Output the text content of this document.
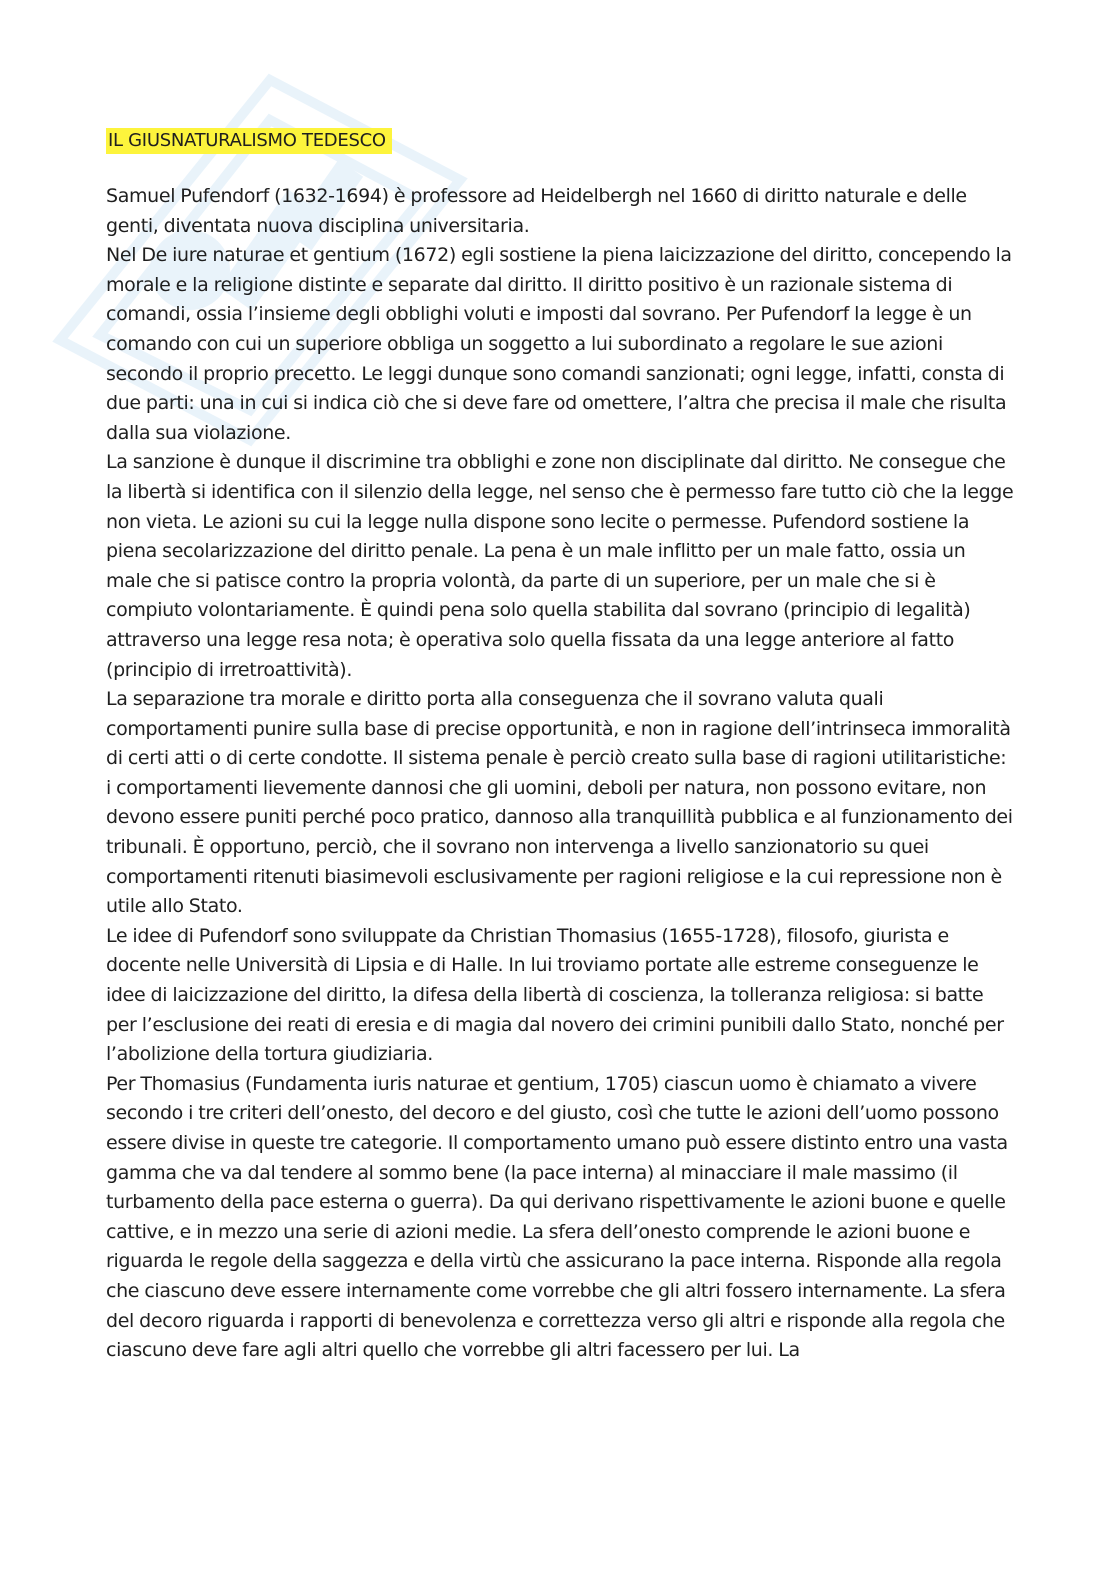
IL GIUSNATURALISMO TEDESCO

Samuel Pufendorf (1632-1694) è professore ad Heidelbergh nel 1660 di diritto naturale e delle genti, diventata nuova disciplina universitaria.

Nel De iure naturae et gentium (1672) egli sostiene la piena laicizzazione del diritto, concependo la morale e la religione distinte e separate dal diritto. Il diritto positivo è un razionale sistema di comandi, ossia l’insieme degli obblighi voluti e imposti dal sovrano. Per Pufendorf la legge è un comando con cui un superiore obbliga un soggetto a lui subordinato a regolare le sue azioni secondo il proprio precetto. Le leggi dunque sono comandi sanzionati; ogni legge, infatti, consta di due parti: una in cui si indica ciò che si deve fare od omettere, l’altra che precisa il male che risulta dalla sua violazione.

La sanzione è dunque il discrimine tra obblighi e zone non disciplinate dal diritto. Ne consegue che la libertà si identifica con il silenzio della legge, nel senso che è permesso fare tutto ciò che la legge non vieta. Le azioni su cui la legge nulla dispone sono lecite o permesse. Pufendord sostiene la piena secolarizzazione del diritto penale. La pena è un male inflitto per un male fatto, ossia un male che si patisce contro la propria volontà, da parte di un superiore, per un male che si è compiuto volontariamente. È quindi pena solo quella stabilita dal sovrano (principio di legalità) attraverso una legge resa nota; è operativa solo quella fissata da una legge anteriore al fatto (principio di irretroattività).

La separazione tra morale e diritto porta alla conseguenza che il sovrano valuta quali comportamenti punire sulla base di precise opportunità, e non in ragione dell’intrinseca immoralità di certi atti o di certe condotte. Il sistema penale è perciò creato sulla base di ragioni utilitaristiche: i comportamenti lievemente dannosi che gli uomini, deboli per natura, non possono evitare, non devono essere puniti perché poco pratico, dannoso alla tranquillità pubblica e al funzionamento dei tribunali. È opportuno, perciò, che il sovrano non intervenga a livello sanzionatorio su quei comportamenti ritenuti biasimevoli esclusivamente per ragioni religiose e la cui repressione non è utile allo Stato.

Le idee di Pufendorf sono sviluppate da Christian Thomasius (1655-1728), filosofo, giurista e docente nelle Università di Lipsia e di Halle. In lui troviamo portate alle estreme conseguenze le idee di laicizzazione del diritto, la difesa della libertà di coscienza, la tolleranza religiosa: si batte per l’esclusione dei reati di eresia e di magia dal novero dei crimini punibili dallo Stato, nonché per l’abolizione della tortura giudiziaria.

Per Thomasius (Fundamenta iuris naturae et gentium, 1705) ciascun uomo è chiamato a vivere secondo i tre criteri dell’onesto, del decoro e del giusto, così che tutte le azioni dell’uomo possono essere divise in queste tre categorie. Il comportamento umano può essere distinto entro una vasta gamma che va dal tendere al sommo bene (la pace interna) al minacciare il male massimo (il turbamento della pace esterna o guerra). Da qui derivano rispettivamente le azioni buone e quelle cattive, e in mezzo una serie di azioni medie. La sfera dell’onesto comprende le azioni buone e riguarda le regole della saggezza e della virtù che assicurano la pace interna. Risponde alla regola che ciascuno deve essere internamente come vorrebbe che gli altri fossero internamente. La sfera del decoro riguarda i rapporti di benevolenza e correttezza verso gli altri e risponde alla regola che ciascuno deve fare agli altri quello che vorrebbe gli altri facessero per lui. La
